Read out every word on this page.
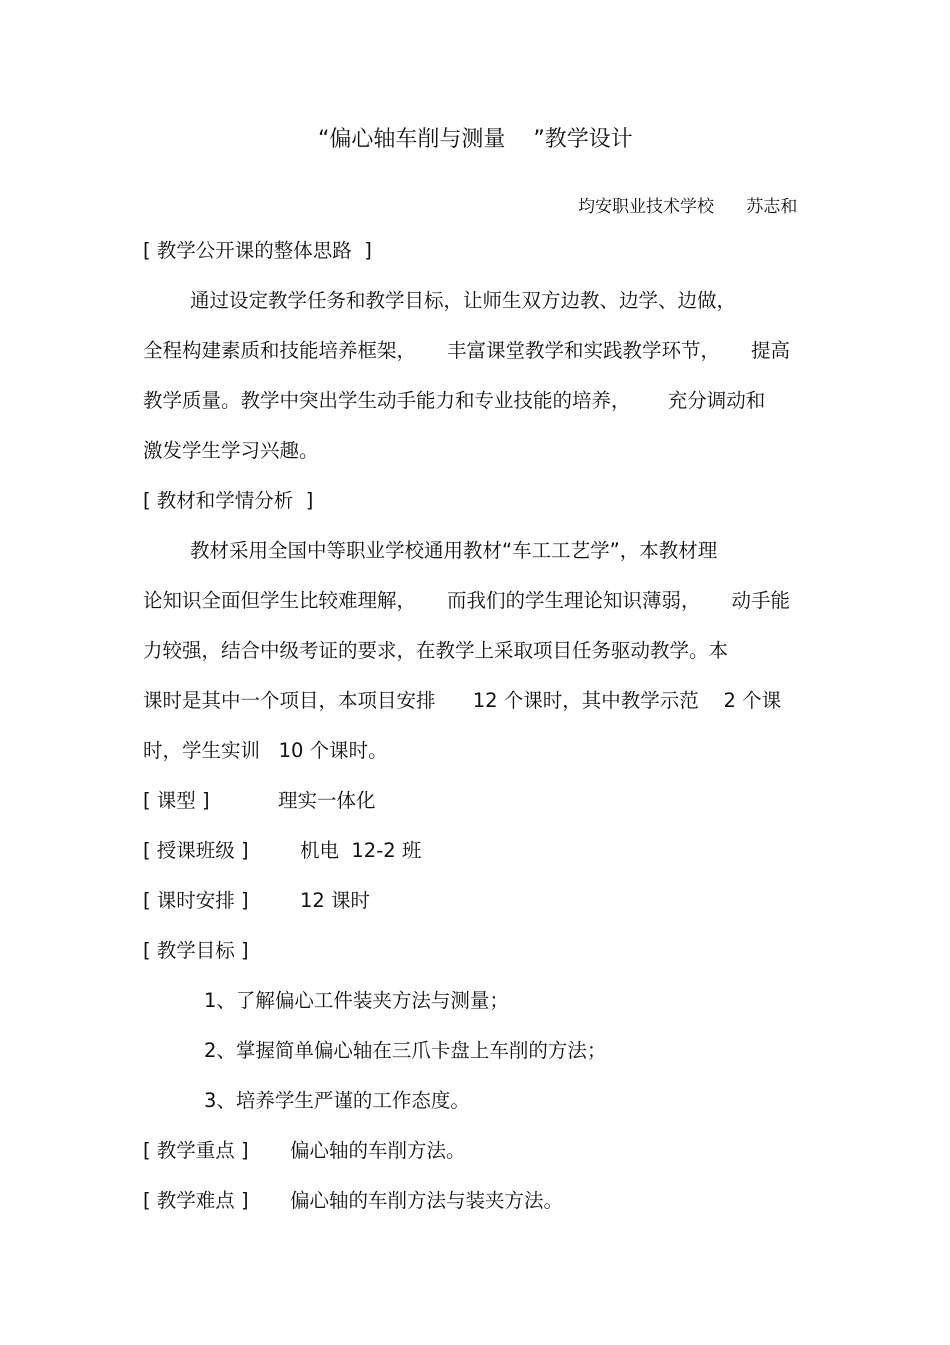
“偏心轴车削与测量    ”教学设计
均安职业技术学校      苏志和
[ 教学公开课的整体思路  ]
通过设定教学任务和教学目标，让师生双方边教、边学、边做，
全程构建素质和技能培养框架，     丰富课堂教学和实践教学环节，     提高
教学质量。教学中突出学生动手能力和专业技能的培养，      充分调动和
激发学生学习兴趣。
[ 教材和学情分析  ]
教材采用全国中等职业学校通用教材“车工工艺学”，本教材理
论知识全面但学生比较难理解，     而我们的学生理论知识薄弱，     动手能
力较强，结合中级考证的要求，在教学上采取项目任务驱动教学。本
课时是其中一个项目，本项目安排      12 个课时，其中教学示范    2 个课
时，学生实训   10 个课时。
[ 课型 ]	理实一体化
[ 授课班级 ]	机电  12-2 班
[ 课时安排 ]	12 课时
[ 教学目标 ]
1、了解偏心工件装夹方法与测量；
2、掌握简单偏心轴在三爪卡盘上车削的方法；
3、培养学生严谨的工作态度。
[ 教学重点 ] 偏心轴的车削方法。
[ 教学难点 ] 偏心轴的车削方法与装夹方法。
